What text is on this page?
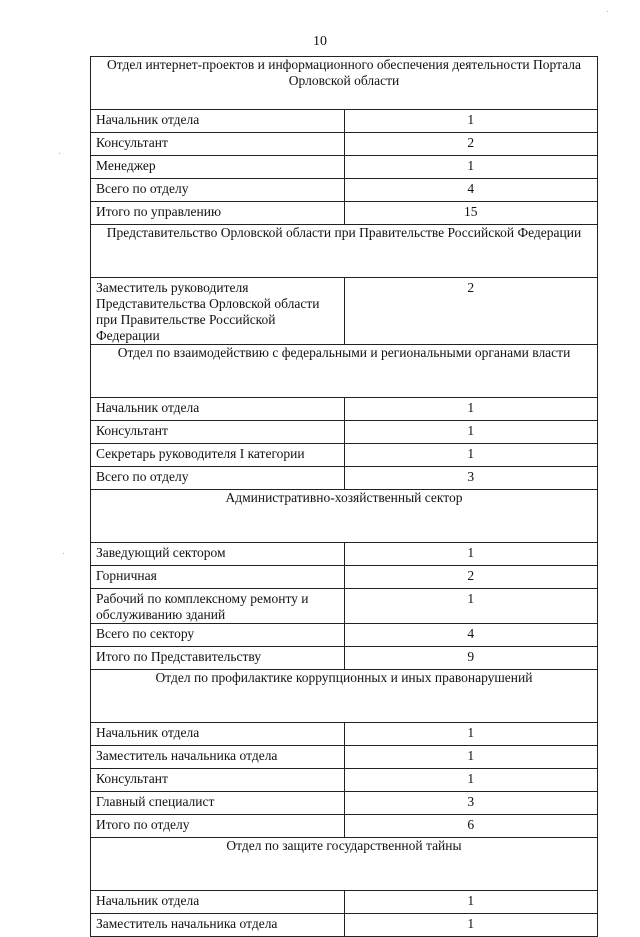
10
·
·
·
Отдел интернет-проектов и информационного обеспечения деятельности Портала Орловской области	
Начальник отдела	1
Консультант	2
Менеджер	1
Всего по отделу	4
Итого по управлению	15
Представительство Орловской области при Правительстве Российской Федерации	
Заместитель руководителя Представительства Орловской области при Правительстве Российской Федерации	2
Отдел по взаимодействию с федеральными и региональными органами власти	
Начальник отдела	1
Консультант	1
Секретарь руководителя I категории	1
Всего по отделу	3
Административно-хозяйственный сектор	
Заведующий сектором	1
Горничная	2
Рабочий по комплексному ремонту и обслуживанию зданий	1
Всего по сектору	4
Итого по Представительству	9
Отдел по профилактике коррупционных и иных правонарушений	
Начальник отдела	1
Заместитель начальника отдела	1
Консультант	1
Главный специалист	3
Итого по отделу	6
Отдел по защите государственной тайны	
Начальник отдела	1
Заместитель начальника отдела	1
